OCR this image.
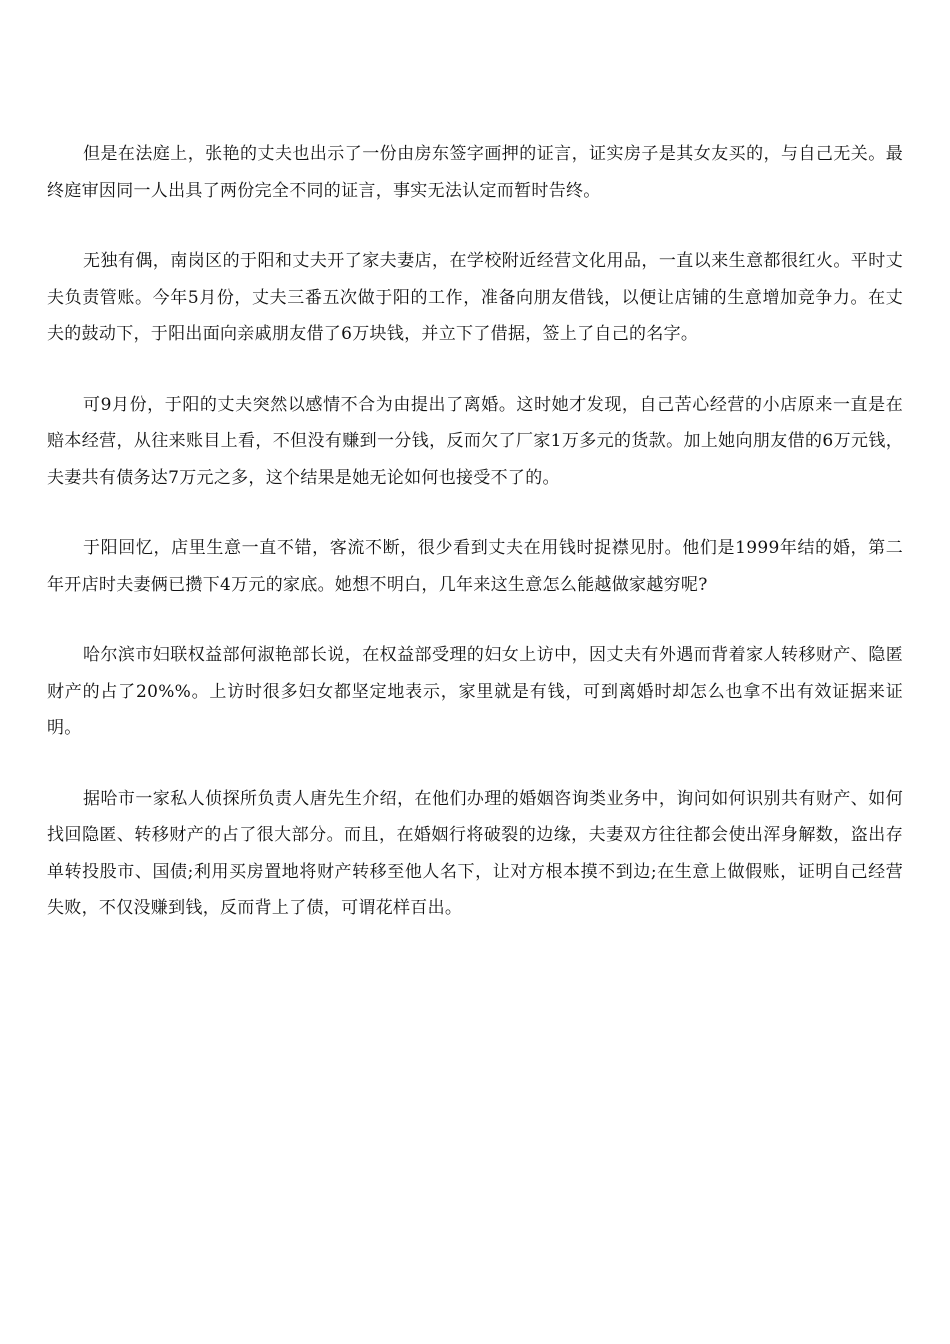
但是在法庭上，张艳的丈夫也出示了一份由房东签字画押的证言，证实房子是其女友买的，与自己无关。最终庭审因同一人出具了两份完全不同的证言，事实无法认定而暂时告终。

无独有偶，南岗区的于阳和丈夫开了家夫妻店，在学校附近经营文化用品，一直以来生意都很红火。平时丈夫负责管账。今年5月份，丈夫三番五次做于阳的工作，准备向朋友借钱，以便让店铺的生意增加竞争力。在丈夫的鼓动下，于阳出面向亲戚朋友借了6万块钱，并立下了借据，签上了自己的名字。

可9月份，于阳的丈夫突然以感情不合为由提出了离婚。这时她才发现，自己苦心经营的小店原来一直是在赔本经营，从往来账目上看，不但没有赚到一分钱，反而欠了厂家1万多元的货款。加上她向朋友借的6万元钱，夫妻共有债务达7万元之多，这个结果是她无论如何也接受不了的。

于阳回忆，店里生意一直不错，客流不断，很少看到丈夫在用钱时捉襟见肘。他们是1999年结的婚，第二年开店时夫妻俩已攒下4万元的家底。她想不明白，几年来这生意怎么能越做家越穷呢?

哈尔滨市妇联权益部何淑艳部长说，在权益部受理的妇女上访中，因丈夫有外遇而背着家人转移财产、隐匿财产的占了20%%。上访时很多妇女都坚定地表示，家里就是有钱，可到离婚时却怎么也拿不出有效证据来证明。

据哈市一家私人侦探所负责人唐先生介绍，在他们办理的婚姻咨询类业务中，询问如何识别共有财产、如何找回隐匿、转移财产的占了很大部分。而且，在婚姻行将破裂的边缘，夫妻双方往往都会使出浑身解数，盗出存单转投股市、国债;利用买房置地将财产转移至他人名下，让对方根本摸不到边;在生意上做假账，证明自己经营失败，不仅没赚到钱，反而背上了债，可谓花样百出。
